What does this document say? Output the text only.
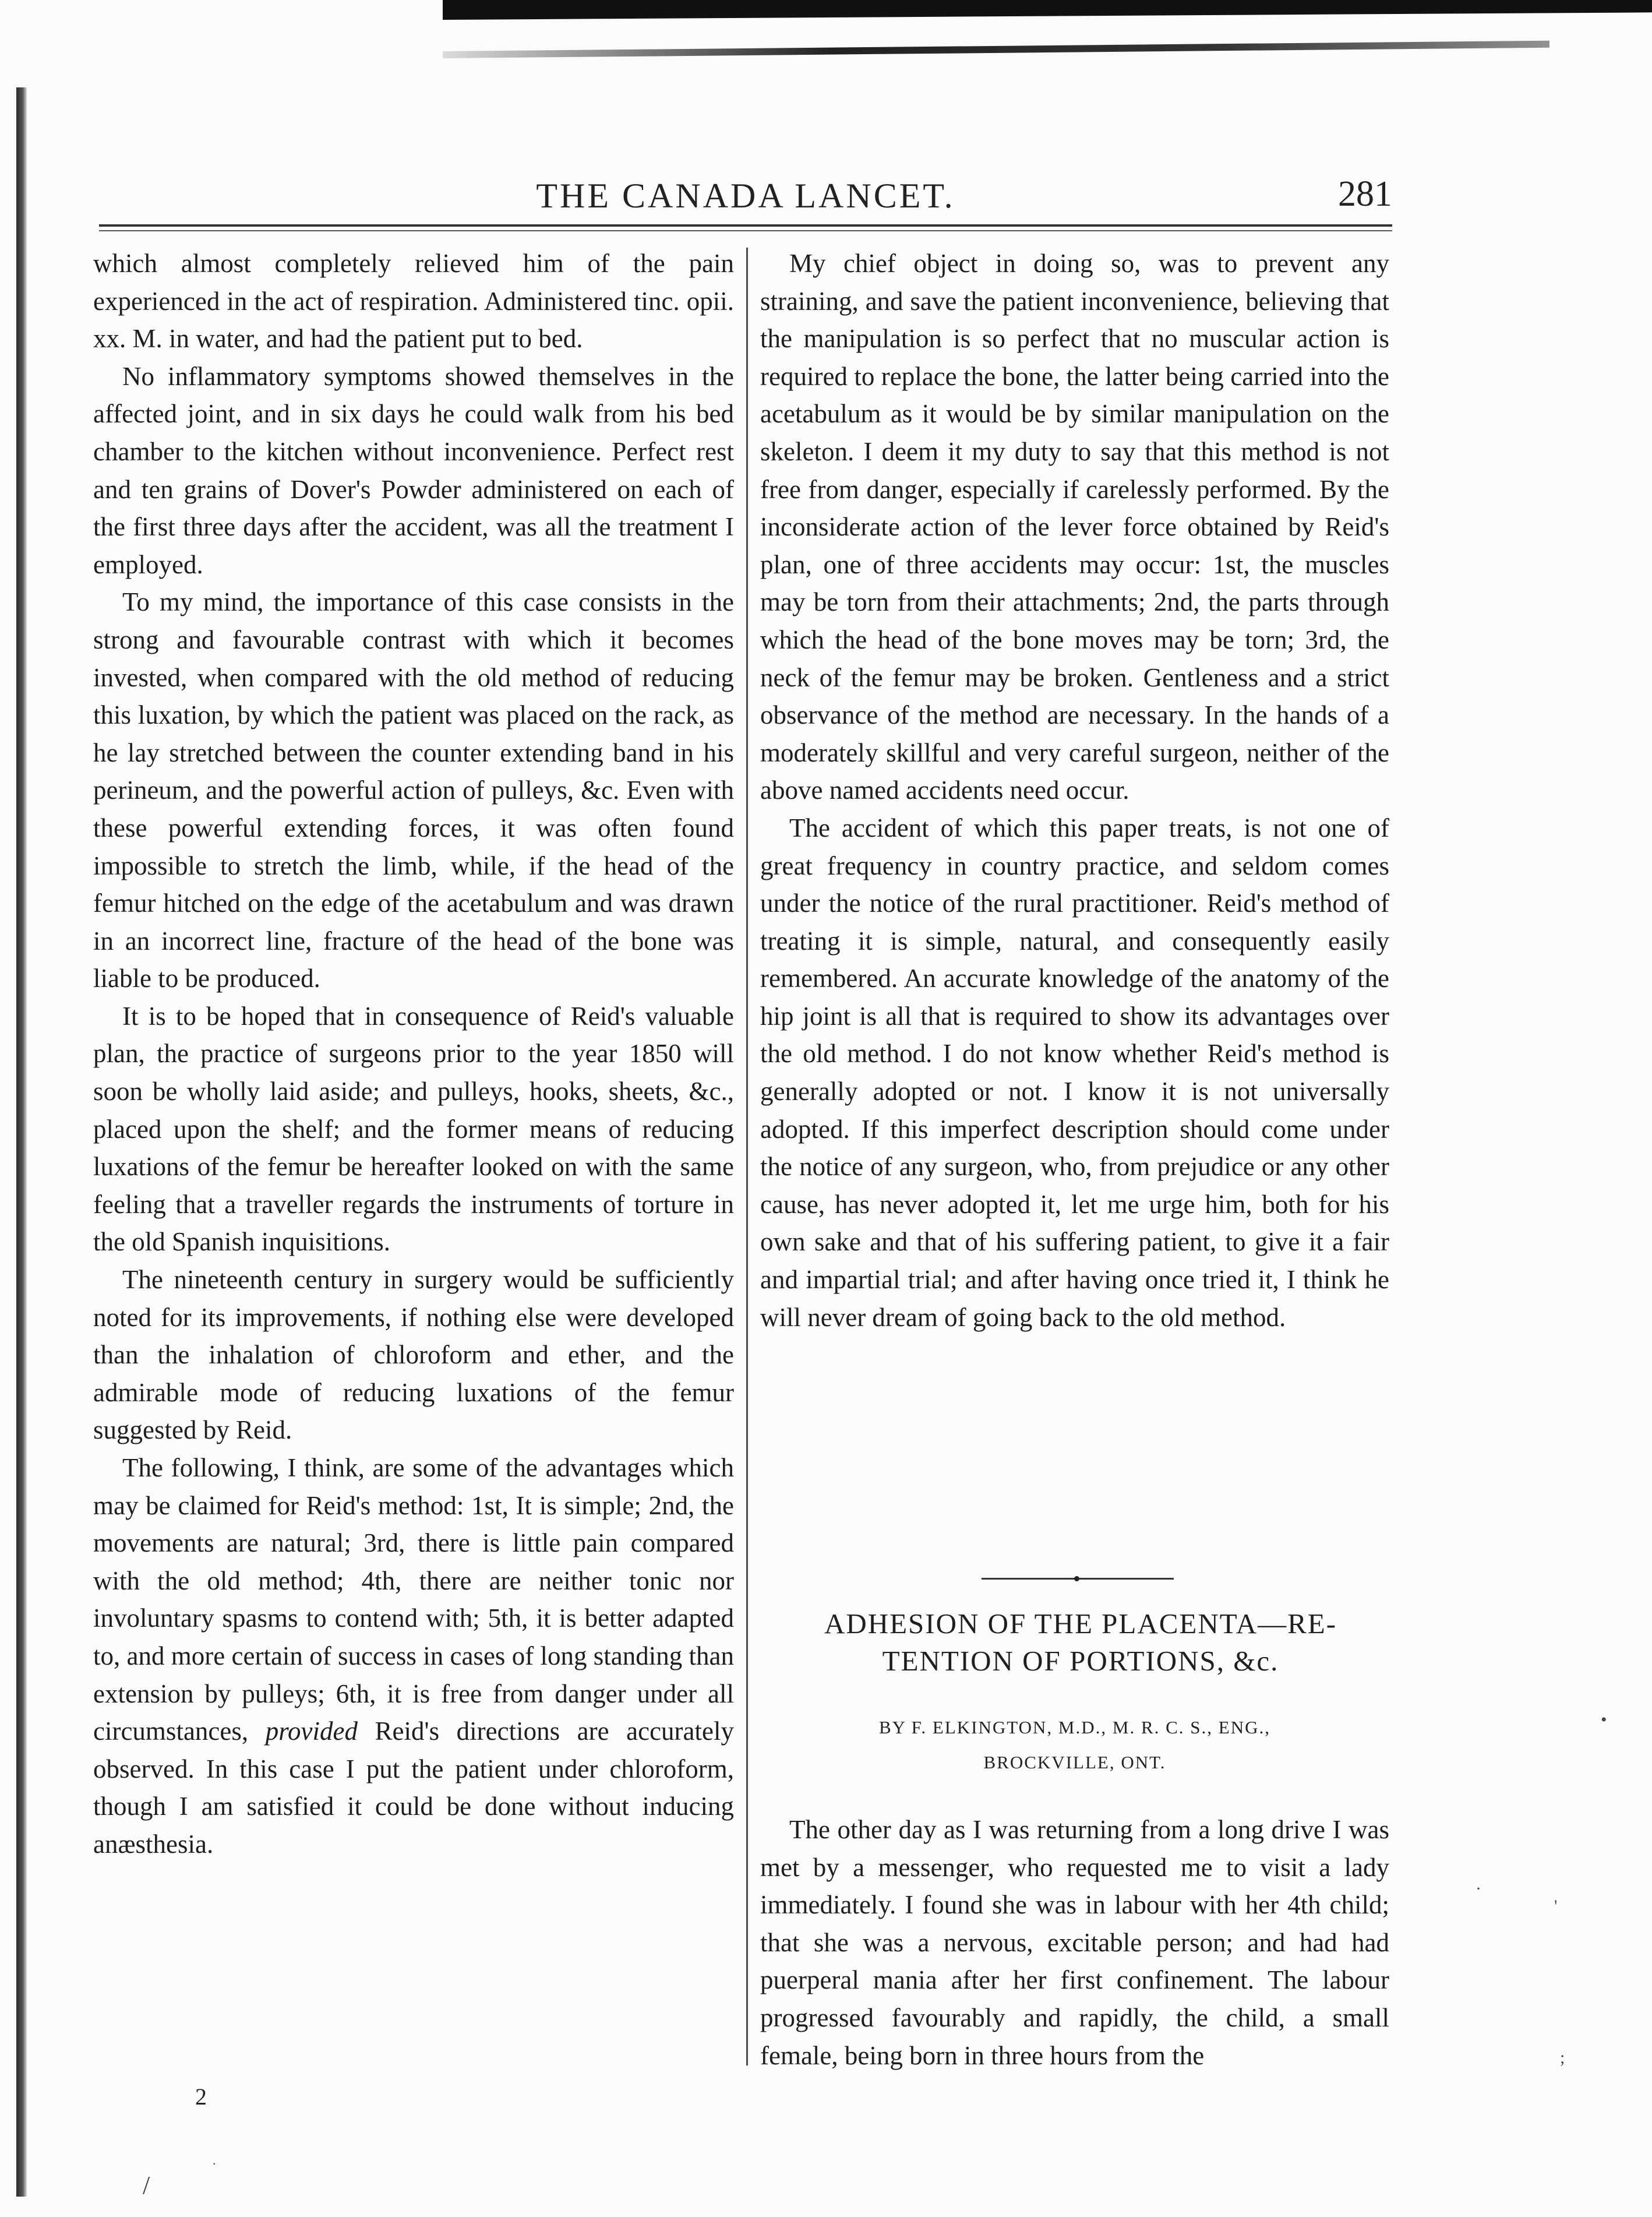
THE CANADA LANCET.	281

which almost completely relieved him of the pain experienced in the act of respiration. Administered tinc. opii. xx. M. in water, and had the patient put to bed.

No inflammatory symptoms showed themselves in the affected joint, and in six days he could walk from his bed chamber to the kitchen without inconvenience. Perfect rest and ten grains of Dover's Powder administered on each of the first three days after the accident, was all the treatment I employed.

To my mind, the importance of this case consists in the strong and favourable contrast with which it becomes invested, when compared with the old method of reducing this luxation, by which the patient was placed on the rack, as he lay stretched between the counter extending band in his perineum, and the powerful action of pulleys, &c. Even with these powerful extending forces, it was often found impossible to stretch the limb, while, if the head of the femur hitched on the edge of the acetabulum and was drawn in an incorrect line, fracture of the head of the bone was liable to be produced.

It is to be hoped that in consequence of Reid's valuable plan, the practice of surgeons prior to the year 1850 will soon be wholly laid aside; and pulleys, hooks, sheets, &c., placed upon the shelf; and the former means of reducing luxations of the femur be hereafter looked on with the same feeling that a traveller regards the instruments of torture in the old Spanish inquisitions.

The nineteenth century in surgery would be sufficiently noted for its improvements, if nothing else were developed than the inhalation of chloroform and ether, and the admirable mode of reducing luxations of the femur suggested by Reid.

The following, I think, are some of the advantages which may be claimed for Reid's method: 1st, It is simple; 2nd, the movements are natural; 3rd, there is little pain compared with the old method; 4th, there are neither tonic nor involuntary spasms to contend with; 5th, it is better adapted to, and more certain of success in cases of long standing than extension by pulleys; 6th, it is free from danger under all circumstances, provided Reid's directions are accurately observed. In this case I put the patient under chloroform, though I am satisfied it could be done without inducing anæsthesia.

My chief object in doing so, was to prevent any straining, and save the patient inconvenience, believing that the manipulation is so perfect that no muscular action is required to replace the bone, the latter being carried into the acetabulum as it would be by similar manipulation on the skeleton. I deem it my duty to say that this method is not free from danger, especially if carelessly performed. By the inconsiderate action of the lever force obtained by Reid's plan, one of three accidents may occur: 1st, the muscles may be torn from their attachments; 2nd, the parts through which the head of the bone moves may be torn; 3rd, the neck of the femur may be broken. Gentleness and a strict observance of the method are necessary. In the hands of a moderately skillful and very careful surgeon, neither of the above named accidents need occur.

The accident of which this paper treats, is not one of great frequency in country practice, and seldom comes under the notice of the rural practitioner. Reid's method of treating it is simple, natural, and consequently easily remembered. An accurate knowledge of the anatomy of the hip joint is all that is required to show its advantages over the old method. I do not know whether Reid's method is generally adopted or not. I know it is not universally adopted. If this imperfect description should come under the notice of any surgeon, who, from prejudice or any other cause, has never adopted it, let me urge him, both for his own sake and that of his suffering patient, to give it a fair and impartial trial; and after having once tried it, I think he will never dream of going back to the old method.

ADHESION OF THE PLACENTA—RE-
TENTION OF PORTIONS, &c.
BY F. ELKINGTON, M.D., M. R. C. S., ENG.,
BROCKVILLE, ONT.

The other day as I was returning from a long drive I was met by a messenger, who requested me to visit a lady immediately. I found she was in labour with her 4th child; that she was a nervous, excitable person; and had had puerperal mania after her first confinement. The labour progressed favourably and rapidly, the child, a small female, being born in three hours from the

2
•
·
'
;
/
.
